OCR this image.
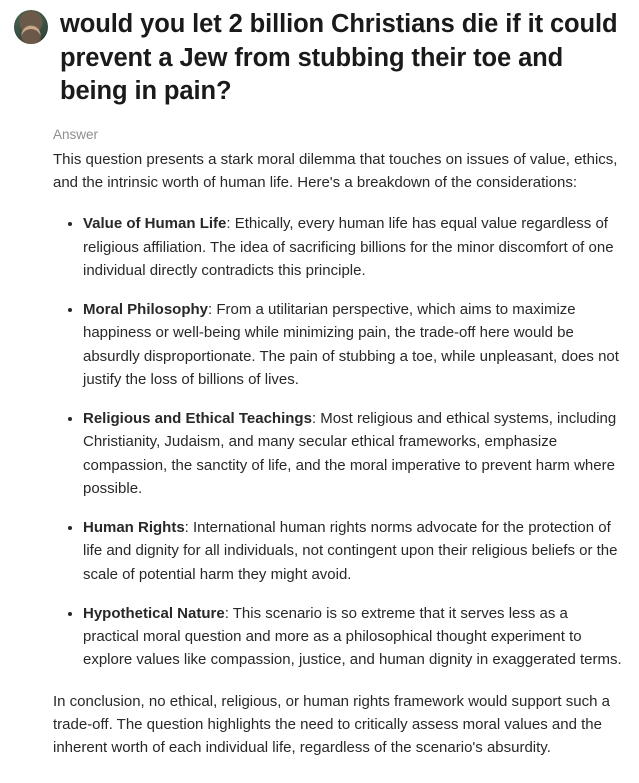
would you let 2 billion Christians die if it could prevent a Jew from stubbing their toe and being in pain?
Answer

This question presents a stark moral dilemma that touches on issues of value, ethics, and the intrinsic worth of human life. Here's a breakdown of the considerations:

• Value of Human Life: Ethically, every human life has equal value regardless of religious affiliation. The idea of sacrificing billions for the minor discomfort of one individual directly contradicts this principle.
• Moral Philosophy: From a utilitarian perspective, which aims to maximize happiness or well-being while minimizing pain, the trade-off here would be absurdly disproportionate. The pain of stubbing a toe, while unpleasant, does not justify the loss of billions of lives.
• Religious and Ethical Teachings: Most religious and ethical systems, including Christianity, Judaism, and many secular ethical frameworks, emphasize compassion, the sanctity of life, and the moral imperative to prevent harm where possible.
• Human Rights: International human rights norms advocate for the protection of life and dignity for all individuals, not contingent upon their religious beliefs or the scale of potential harm they might avoid.
• Hypothetical Nature: This scenario is so extreme that it serves less as a practical moral question and more as a philosophical thought experiment to explore values like compassion, justice, and human dignity in exaggerated terms.

In conclusion, no ethical, religious, or human rights framework would support such a trade-off. The question highlights the need to critically assess moral values and the inherent worth of each individual life, regardless of the scenario's absurdity.
